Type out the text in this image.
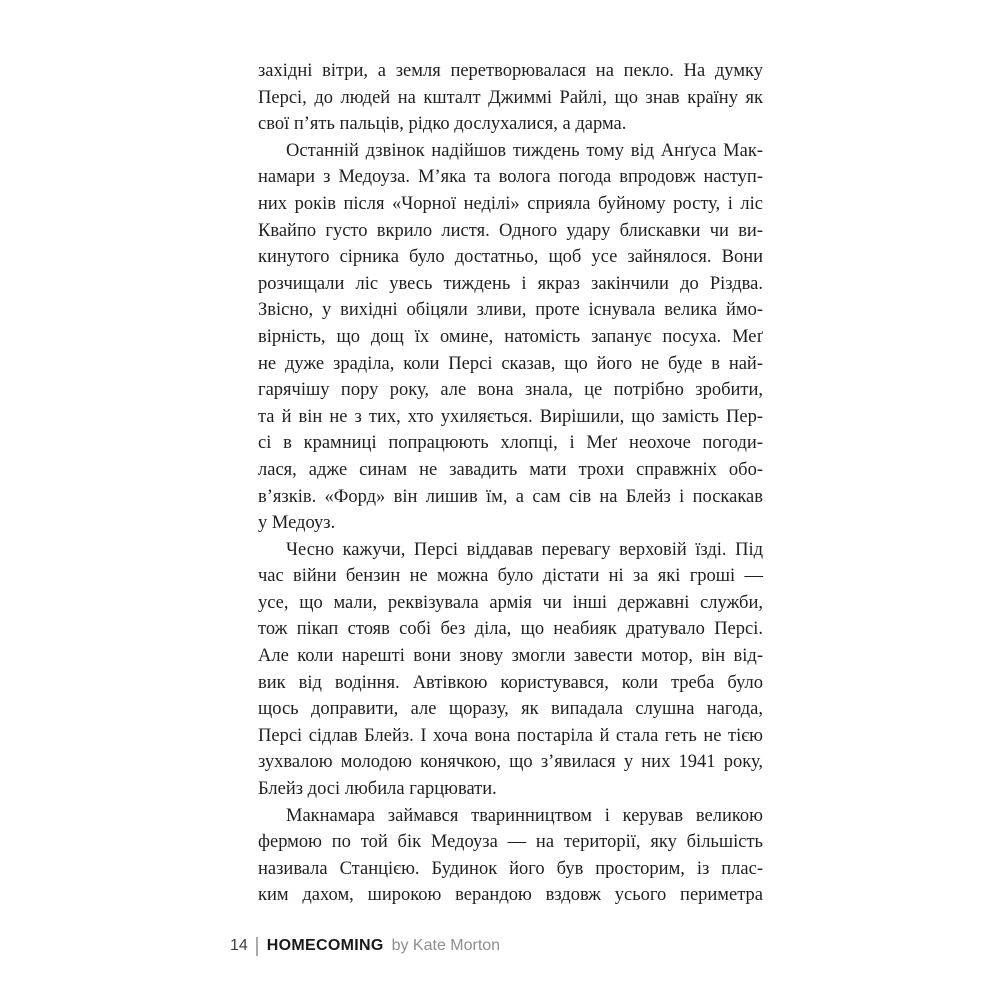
західні вітри, а земля перетворювалася на пекло. На думку
Персі, до людей на кшталт Джиммі Райлі, що знав країну як
свої п’ять пальців, рідко дослухалися, а дарма.
Останній дзвінок надійшов тиждень тому від Анґуса Мак-
намари з Медоуза. М’яка та волога погода впродовж наступ-
них років після «Чорної неділі» сприяла буйному росту, і ліс
Квайпо густо вкрило листя. Одного удару блискавки чи ви-
кинутого сірника було достатньо, щоб усе зайнялося. Вони
розчищали ліс увесь тиждень і якраз закінчили до Різдва.
Звісно, у вихідні обіцяли зливи, проте існувала велика ймо-
вірність, що дощ їх омине, натомість запанує посуха. Меґ
не дуже зраділа, коли Персі сказав, що його не буде в най-
гарячішу пору року, але вона знала, це потрібно зробити,
та й він не з тих, хто ухиляється. Вирішили, що замість Пер-
сі в крамниці попрацюють хлопці, і Меґ неохоче погоди-
лася, адже синам не завадить мати трохи справжніх обо-
в’язків. «Форд» він лишив їм, а сам сів на Блейз і поскакав
у Медоуз.
Чесно кажучи, Персі віддавав перевагу верховій їзді. Під
час війни бензин не можна було дістати ні за які гроші —
усе, що мали, реквізувала армія чи інші державні служби,
тож пікап стояв собі без діла, що неабияк дратувало Персі.
Але коли нарешті вони знову змогли завести мотор, він від-
вик від водіння. Автівкою користувався, коли треба було
щось доправити, але щоразу, як випадала слушна нагода,
Персі сідлав Блейз. І хоча вона постаріла й стала геть не тією
зухвалою молодою конячкою, що з’явилася у них 1941 року,
Блейз досі любила гарцювати.
Макнамара займався тваринництвом і керував великою
фермою по той бік Медоуза — на території, яку більшість
називала Станцією. Будинок його був просторим, із плас-
ким дахом, широкою верандою вздовж усього периметра
14 HOMECOMING by Kate Morton
